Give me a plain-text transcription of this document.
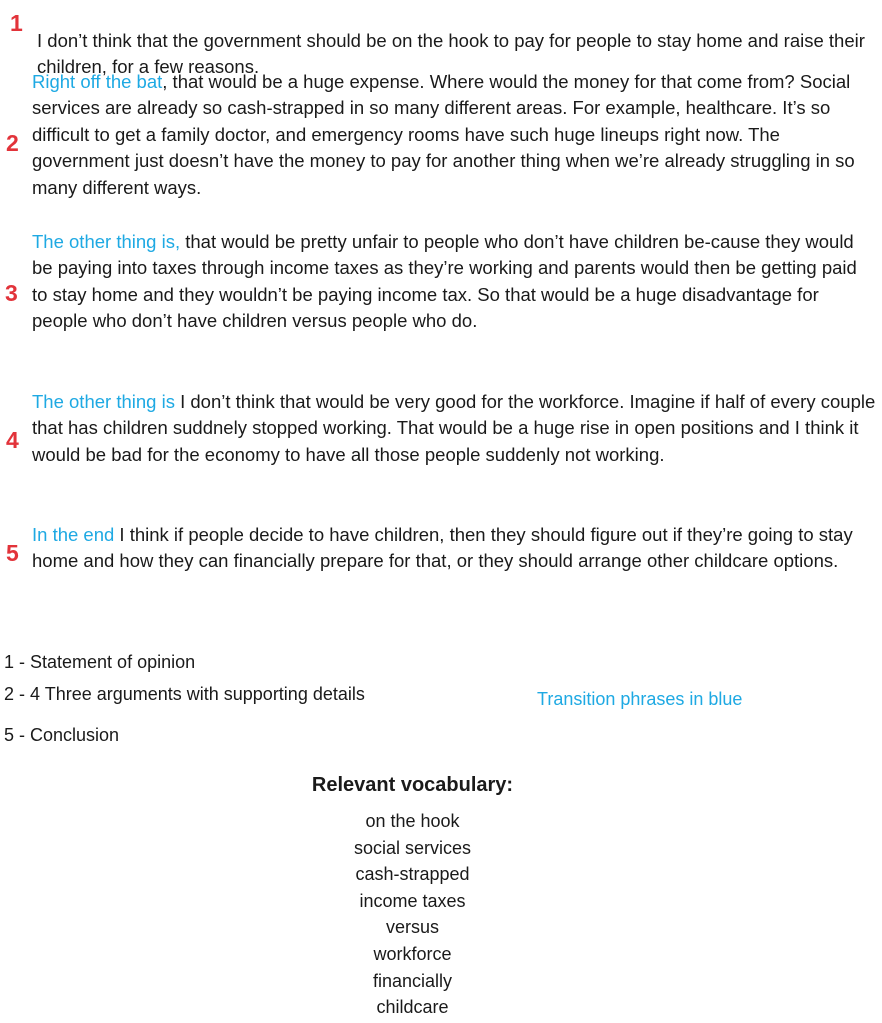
1

I don’t think that the government should be on the hook to pay for people to stay home and raise their children, for a few reasons.

2

Right off the bat, that would be a huge expense. Where would the money for that come from? Social services are already so cash-strapped in so many different areas. For example, healthcare. It’s so difficult to get a family doctor, and emergency rooms have such huge lineups right now. The government just doesn’t have the money to pay for another thing when we’re already struggling in so many different ways.

3

The other thing is, that would be pretty unfair to people who don’t have children be-cause they would be paying into taxes through income taxes as they’re working and parents would then be getting paid to stay home and they wouldn’t be paying income tax. So that would be a huge disadvantage for people who don’t have children versus people who do.

4

The other thing is I don’t think that would be very good for the workforce. Imagine if half of every couple that has children suddnely stopped working. That would be a huge rise in open positions and I think it would be bad for the economy to have all those people suddenly not working.

5

In the end I think if people decide to have children, then they should figure out if they’re going to stay home and how they can financially prepare for that, or they should arrange other childcare options.

1 - Statement of opinion
2 - 4 Three arguments with supporting details
5 - Conclusion
Transition phrases in blue
Relevant vocabulary:
on the hook
social services
cash-strapped
income taxes
versus
workforce
financially
childcare
